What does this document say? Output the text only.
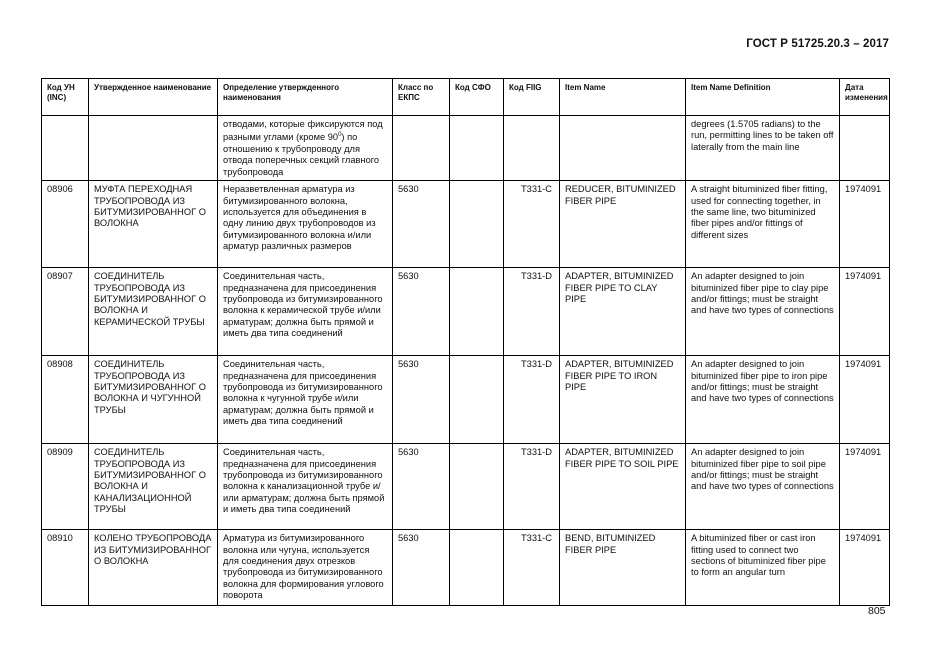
ГОСТ Р 51725.20.3 – 2017
Код УН (INC)	Утвержденное наименование	Определение утвержденного наименования	Класс по ЕКПС	Код СФО	Код FIIG	Item Name	Item Name Definition	Дата изменения
		отводами, которые фиксируются под разными углами (кроме $90^0$) по отношению к трубопроводу для отвода поперечных секций главного трубопровода					degrees (1.5705 radians) to the run, permitting lines to be taken off laterally from the main line	
08906	МУФТА ПЕРЕХОДНАЯ ТРУБОПРОВОДА ИЗ БИТУМИЗИРОВАННОГ О ВОЛОКНА	Неразветвленная арматура из битумизированного волокна, используется для объединения в одну линию двух трубопроводов из битумизированного волокна и/или арматур различных размеров	5630		T331-C	REDUCER, BITUMINIZED FIBER PIPE	A straight bituminized fiber fitting, used for connecting together, in the same line, two bituminized fiber pipes and/or fittings of different sizes	1974091
08907	СОЕДИНИТЕЛЬ ТРУБОПРОВОДА ИЗ БИТУМИЗИРОВАННОГ О ВОЛОКНА И КЕРАМИЧЕСКОЙ ТРУБЫ	Соединительная часть, предназначена для присоединения трубопровода из битумизированного волокна к керамической трубе и/или арматурам; должна быть прямой и иметь два типа соединений	5630		T331-D	ADAPTER, BITUMINIZED FIBER PIPE TO CLAY PIPE	An adapter designed to join bituminized fiber pipe to clay pipe and/or fittings; must be straight and have two types of connections	1974091
08908	СОЕДИНИТЕЛЬ ТРУБОПРОВОДА ИЗ БИТУМИЗИРОВАННОГ О ВОЛОКНА И ЧУГУННОЙ ТРУБЫ	Соединительная часть, предназначена для присоединения трубопровода из битумизированного волокна к чугунной трубе и/или арматурам; должна быть прямой и иметь два типа соединений	5630		T331-D	ADAPTER, BITUMINIZED FIBER PIPE TO IRON PIPE	An adapter designed to join bituminized fiber pipe to iron pipe and/or fittings; must be straight and have two types of connections	1974091
08909	СОЕДИНИТЕЛЬ ТРУБОПРОВОДА ИЗ БИТУМИЗИРОВАННОГ О ВОЛОКНА И КАНАЛИЗАЦИОННОЙ ТРУБЫ	Соединительная часть, предназначена для присоединения трубопровода из битумизированного волокна к канализационной трубе и/или арматурам; должна быть прямой и иметь два типа соединений	5630		T331-D	ADAPTER, BITUMINIZED FIBER PIPE TO SOIL PIPE	An adapter designed to join bituminized fiber pipe to soil pipe and/or fittings; must be straight and have two types of connections	1974091
08910	КОЛЕНО ТРУБОПРОВОДА ИЗ БИТУМИЗИРОВАННОГ О ВОЛОКНА	Арматура из битумизированного волокна или чугуна, используется для соединения двух отрезков трубопровода из битумизированного волокна для формирования углового поворота	5630		T331-C	BEND, BITUMINIZED FIBER PIPE	A bituminized fiber or cast iron fitting used to connect two sections of bituminized fiber pipe to form an angular turn	1974091
805
